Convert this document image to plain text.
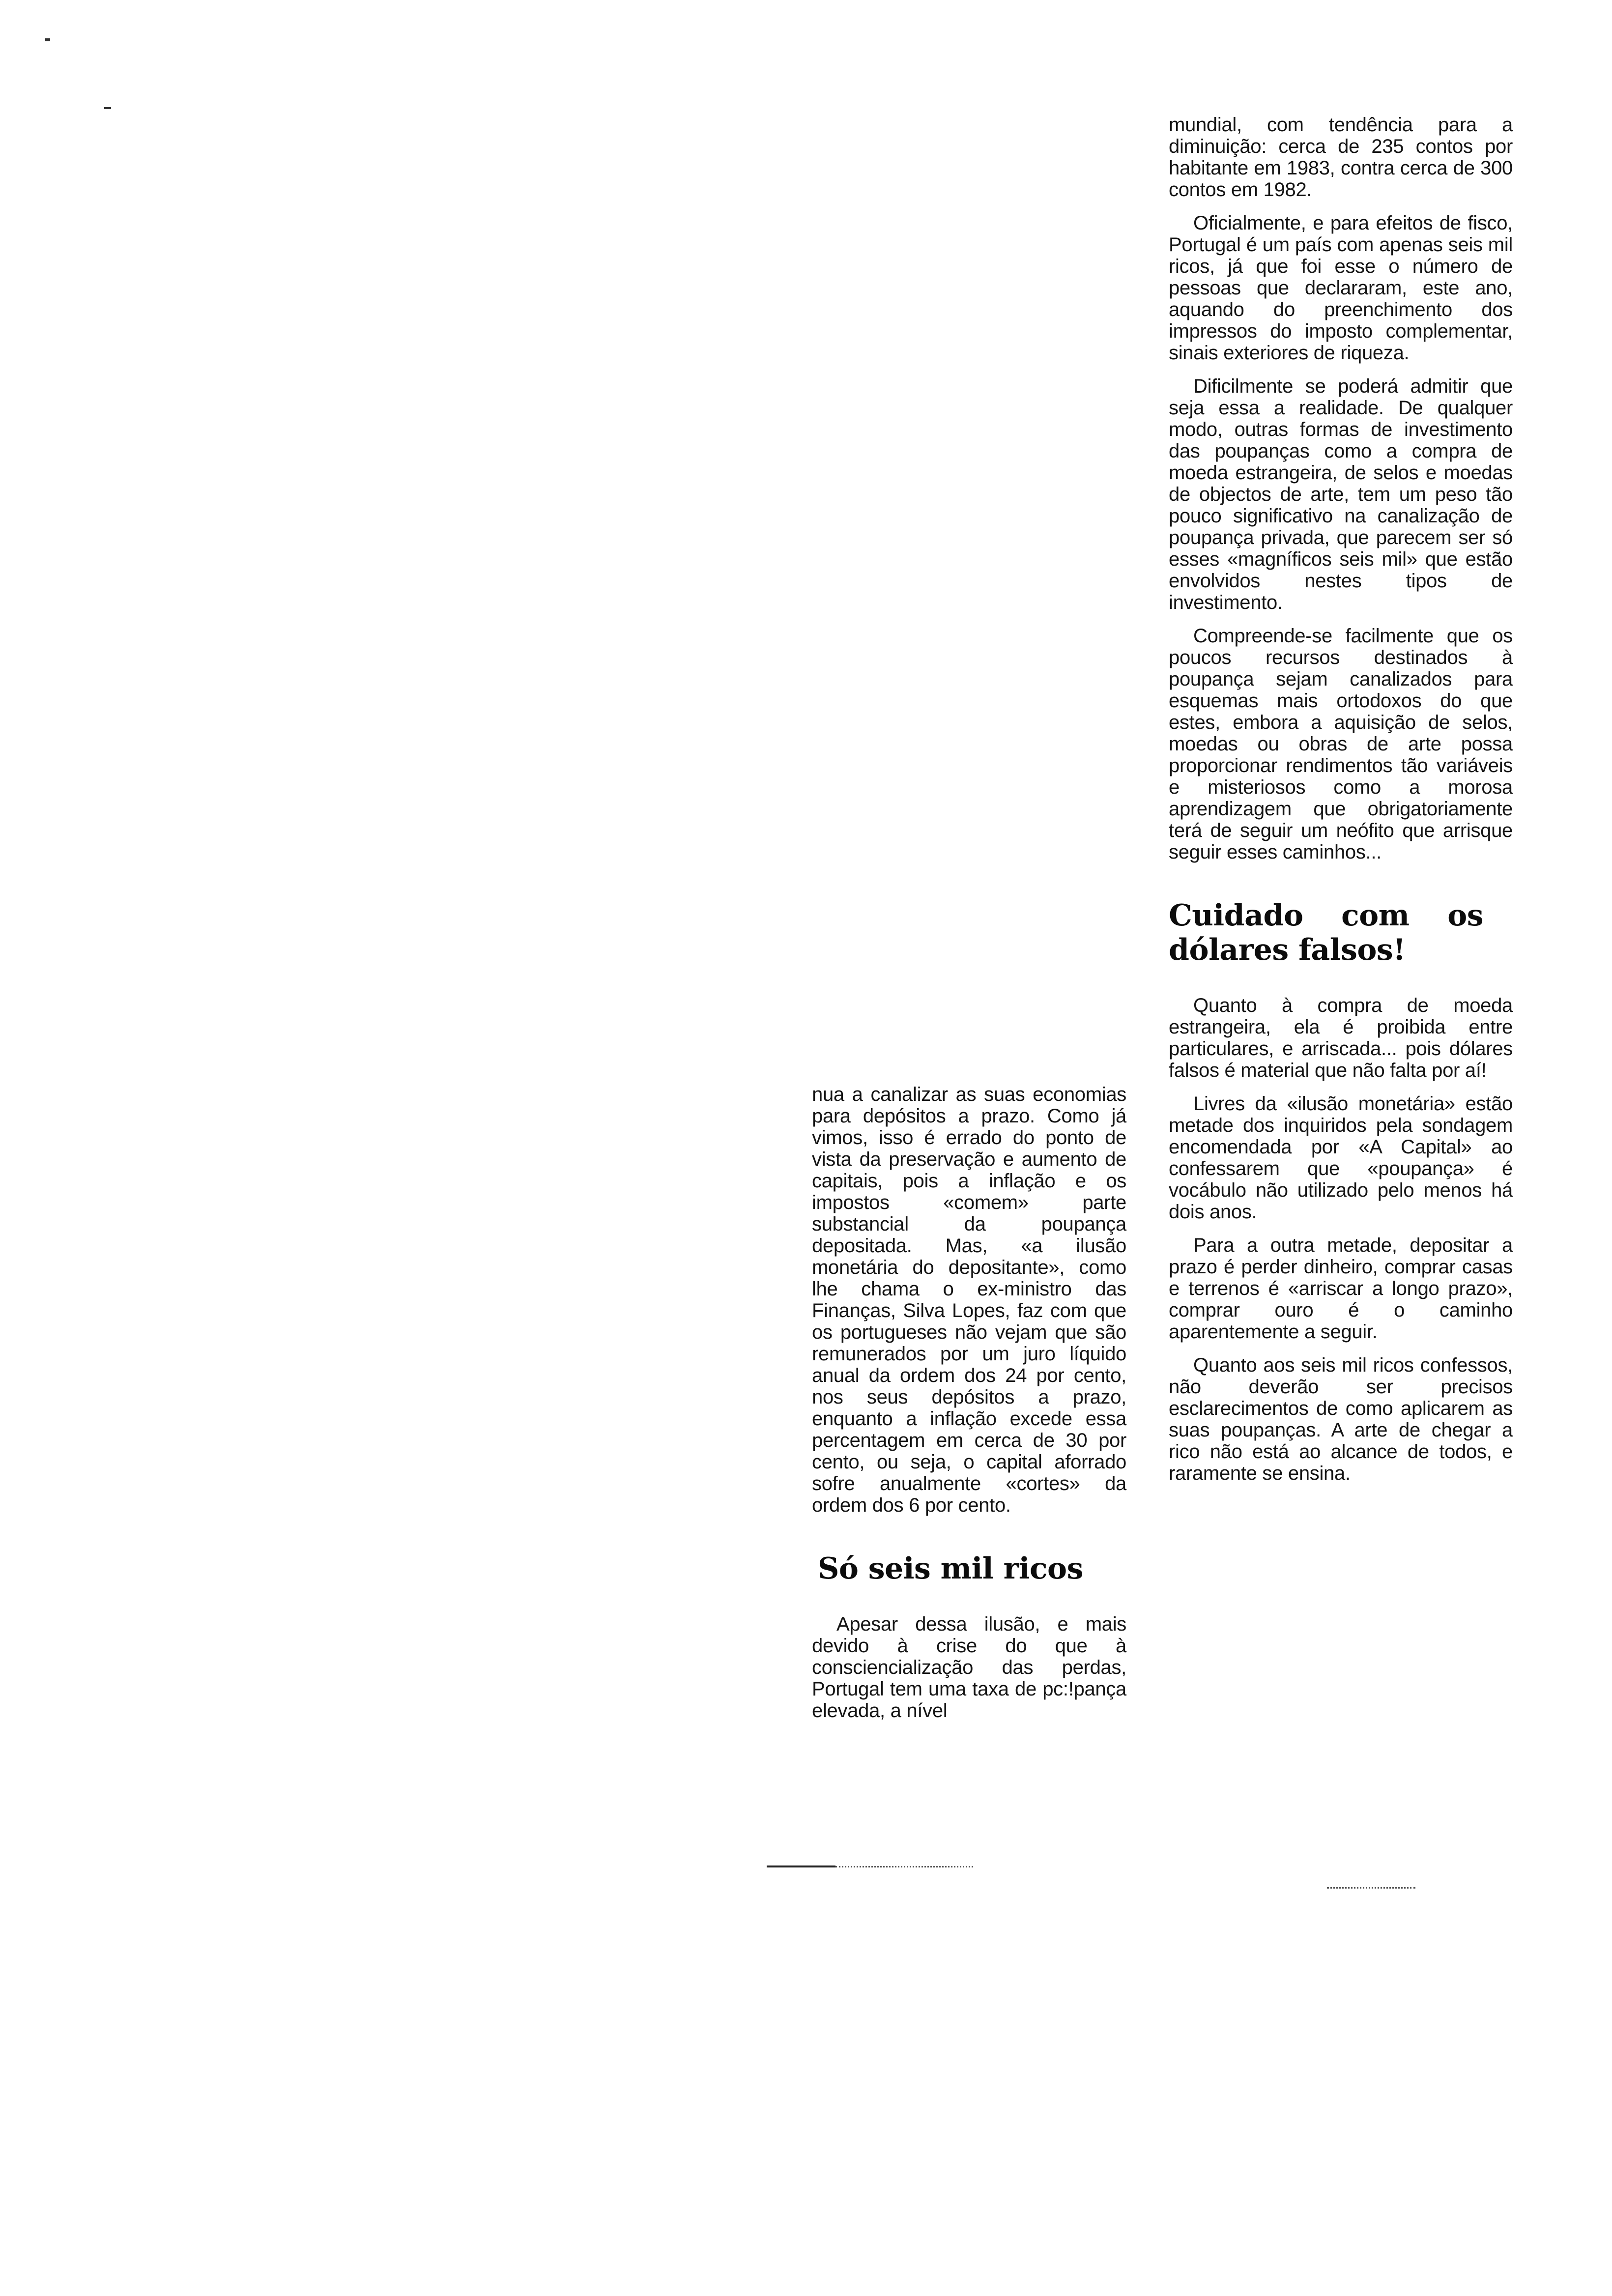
nua a canalizar as suas economias para depósitos a prazo. Como já vimos, isso é errado do ponto de vista da preservação e aumento de capitais, pois a inflação e os impostos «comem» parte substancial da poupança depositada. Mas, «a ilusão monetária do depositante», como lhe chama o ex-ministro das Finanças, Silva Lopes, faz com que os portugueses não vejam que são remunerados por um juro líquido anual da ordem dos 24 por cento, nos seus depósitos a prazo, enquanto a inflação excede essa percentagem em cerca de 30 por cento, ou seja, o capital aforrado sofre anualmente «cortes» da ordem dos 6 por cento.

Só seis mil ricos

Apesar dessa ilusão, e mais devido à crise do que à consciencialização das perdas, Portugal tem uma taxa de pc:!pança elevada, a nível

mundial, com tendência para a diminuição: cerca de 235 contos por habitante em 1983, contra cerca de 300 contos em 1982.

Oficialmente, e para efeitos de fisco, Portugal é um país com apenas seis mil ricos, já que foi esse o número de pessoas que declararam, este ano, aquando do preenchimento dos impressos do imposto complementar, sinais exteriores de riqueza.

Dificilmente se poderá admitir que seja essa a realidade. De qualquer modo, outras formas de investimento das poupanças como a compra de moeda estrangeira, de selos e moedas de objectos de arte, tem um peso tão pouco significativo na canalização de poupança privada, que parecem ser só esses «magníficos seis mil» que estão envolvidos nestes tipos de investimento.

Compreende-se facilmente que os poucos recursos destinados à poupança sejam canalizados para esquemas mais ortodoxos do que estes, embora a aquisição de selos, moedas ou obras de arte possa proporcionar rendimentos tão variáveis e misteriosos como a morosa aprendizagem que obrigatoriamente terá de seguir um neófito que arrisque seguir esses caminhos...

Cuidado com os dólares falsos!

Quanto à compra de moeda estrangeira, ela é proibida entre particulares, e arriscada... pois dólares falsos é material que não falta por aí!

Livres da «ilusão monetária» estão metade dos inquiridos pela sondagem encomendada por «A Capital» ao confessarem que «poupança» é vocábulo não utilizado pelo menos há dois anos.

Para a outra metade, depositar a prazo é perder dinheiro, comprar casas e terrenos é «arriscar a longo prazo», comprar ouro é o caminho aparentemente a seguir.

Quanto aos seis mil ricos confessos, não deverão ser precisos esclarecimentos de como aplicarem as suas poupanças. A arte de chegar a rico não está ao alcance de todos, e raramente se ensina.
